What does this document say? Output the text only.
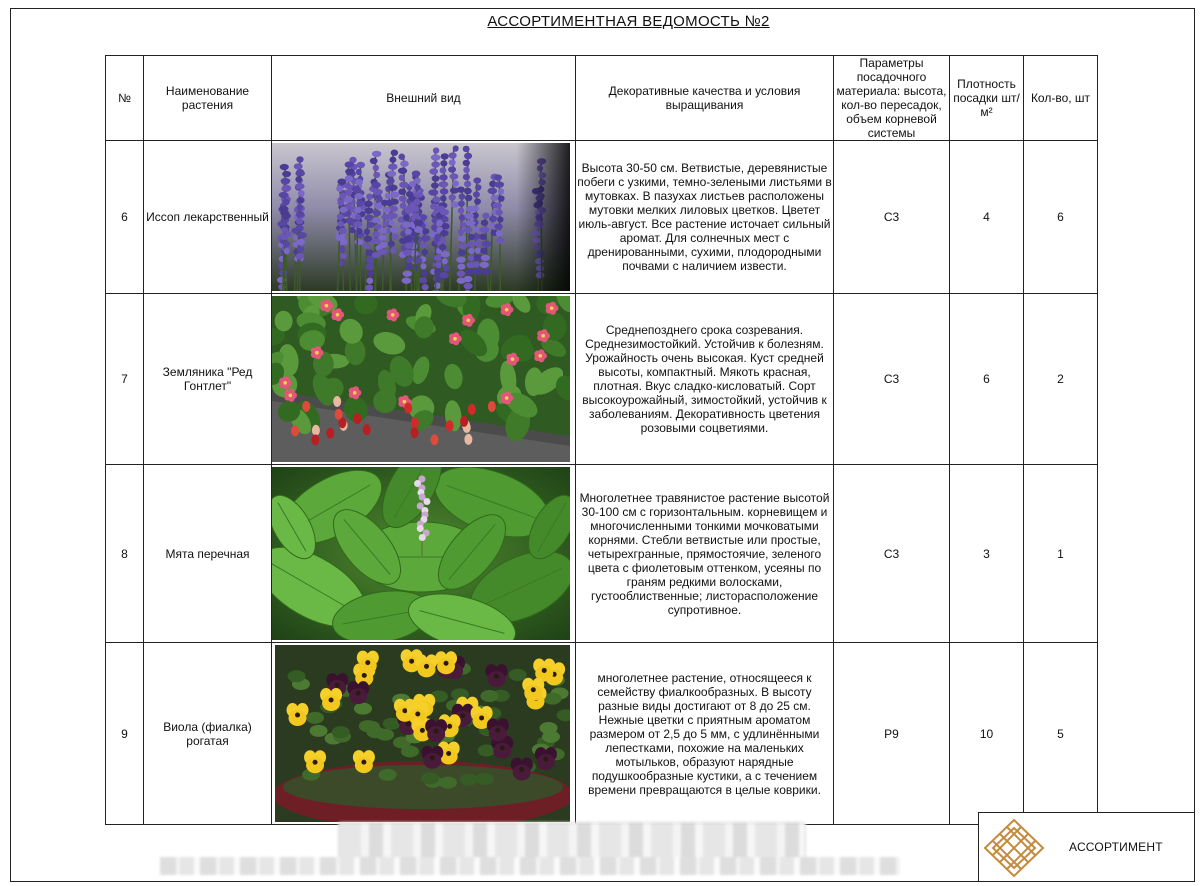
АССОРТИМЕНТНАЯ ВЕДОМОСТЬ №2
№	Наименование растения	Внешний вид	Декоративные качества и условия выращивания	Параметры посадочного материала: высота, кол-во пересадок, объем корневой системы	Плотность посадки шт/м²	Кол-во, шт
6	Иссоп лекарственный		Высота 30-50 см. Ветвистые, деревянистые побеги с узкими, темно-зелеными листьями в мутовках. В пазухах листьев расположены мутовки мелких лиловых цветков. Цветет июль-август. Все растение источает сильный аромат. Для солнечных мест с дренированными, сухими, плодородными почвами с наличием извести.	С3	4	6
7	Земляника "Ред Гонтлет"		Среднепозднего срока созревания. Среднезимостойкий. Устойчив к болезням. Урожайность очень высокая. Куст средней высоты, компактный. Мякоть красная, плотная. Вкус сладко-кисловатый. Сорт высокоурожайный, зимостойкий, устойчив к заболеваниям. Декоративность цветения розовыми соцветиями.	С3	6	2
8	Мята перечная		Многолетнее травянистое растение высотой 30-100 см с горизонтальным. корневищем и многочисленными тонкими мочковатыми корнями. Стебли ветвистые или простые, четырехгранные, прямостоячие, зеленого цвета с фиолетовым оттенком, усеяны по граням редкими волосками, густооблиственные; листорасположение супротивное.	С3	3	1
9	Виола (фиалка) рогатая		многолетнее растение, относящееся к семейству фиалкообразных. В высоту разные виды достигают от 8 до 25 см. Нежные цветки с приятным ароматом размером от 2,5 до 5 мм, с удлинёнными лепестками, похожие на маленьких мотыльков, образуют нарядные подушкообразные кустики, а с течением времени превращаются в целые коврики.	Р9	10	5
АССОРТИМЕНТ
